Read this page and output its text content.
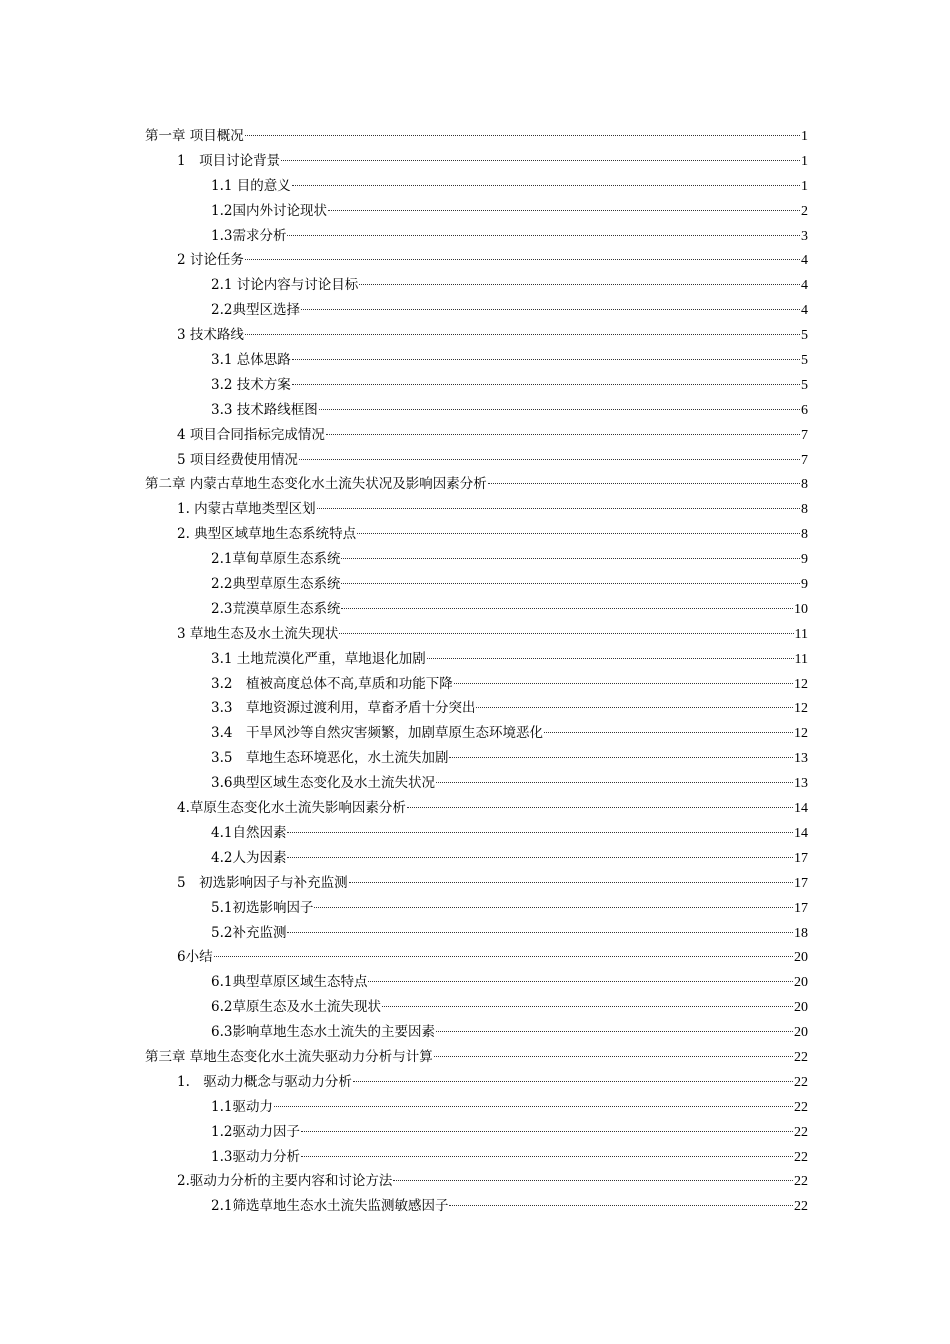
第一章 项目概况	1
1　项目讨论背景	1
1.1 目的意义	1
1.2国内外讨论现状	2
1.3需求分析	3
2 讨论任务	4
2.1 讨论内容与讨论目标	4
2.2典型区选择	4
3 技术路线	5
3.1 总体思路	5
3.2 技术方案	5
3.3 技术路线框图	6
4 项目合同指标完成情况	7
5 项目经费使用情况	7
第二章 内蒙古草地生态变化水土流失状况及影响因素分析	8
1. 内蒙古草地类型区划	8
2. 典型区域草地生态系统特点	8
2.1草甸草原生态系统	9
2.2典型草原生态系统	9
2.3荒漠草原生态系统	10
3 草地生态及水土流失现状	11
3.1 土地荒漠化严重，草地退化加剧	11
3.2　植被高度总体不高,草质和功能下降	12
3.3　草地资源过渡利用，草畜矛盾十分突出	12
3.4　干旱风沙等自然灾害频繁，加剧草原生态环境恶化	12
3.5　草地生态环境恶化，水土流失加剧	13
3.6典型区域生态变化及水土流失状况	13
4.草原生态变化水土流失影响因素分析	14
4.1自然因素	14
4.2人为因素	17
5　初选影响因子与补充监测	17
5.1初选影响因子	17
5.2补充监测	18
6小结	20
6.1典型草原区域生态特点	20
6.2草原生态及水土流失现状	20
6.3影响草地生态水土流失的主要因素	20
第三章 草地生态变化水土流失驱动力分析与计算	22
1.　驱动力概念与驱动力分析	22
1.1驱动力	22
1.2驱动力因子	22
1.3驱动力分析	22
2.驱动力分析的主要内容和讨论方法	22
2.1筛选草地生态水土流失监测敏感因子	22
